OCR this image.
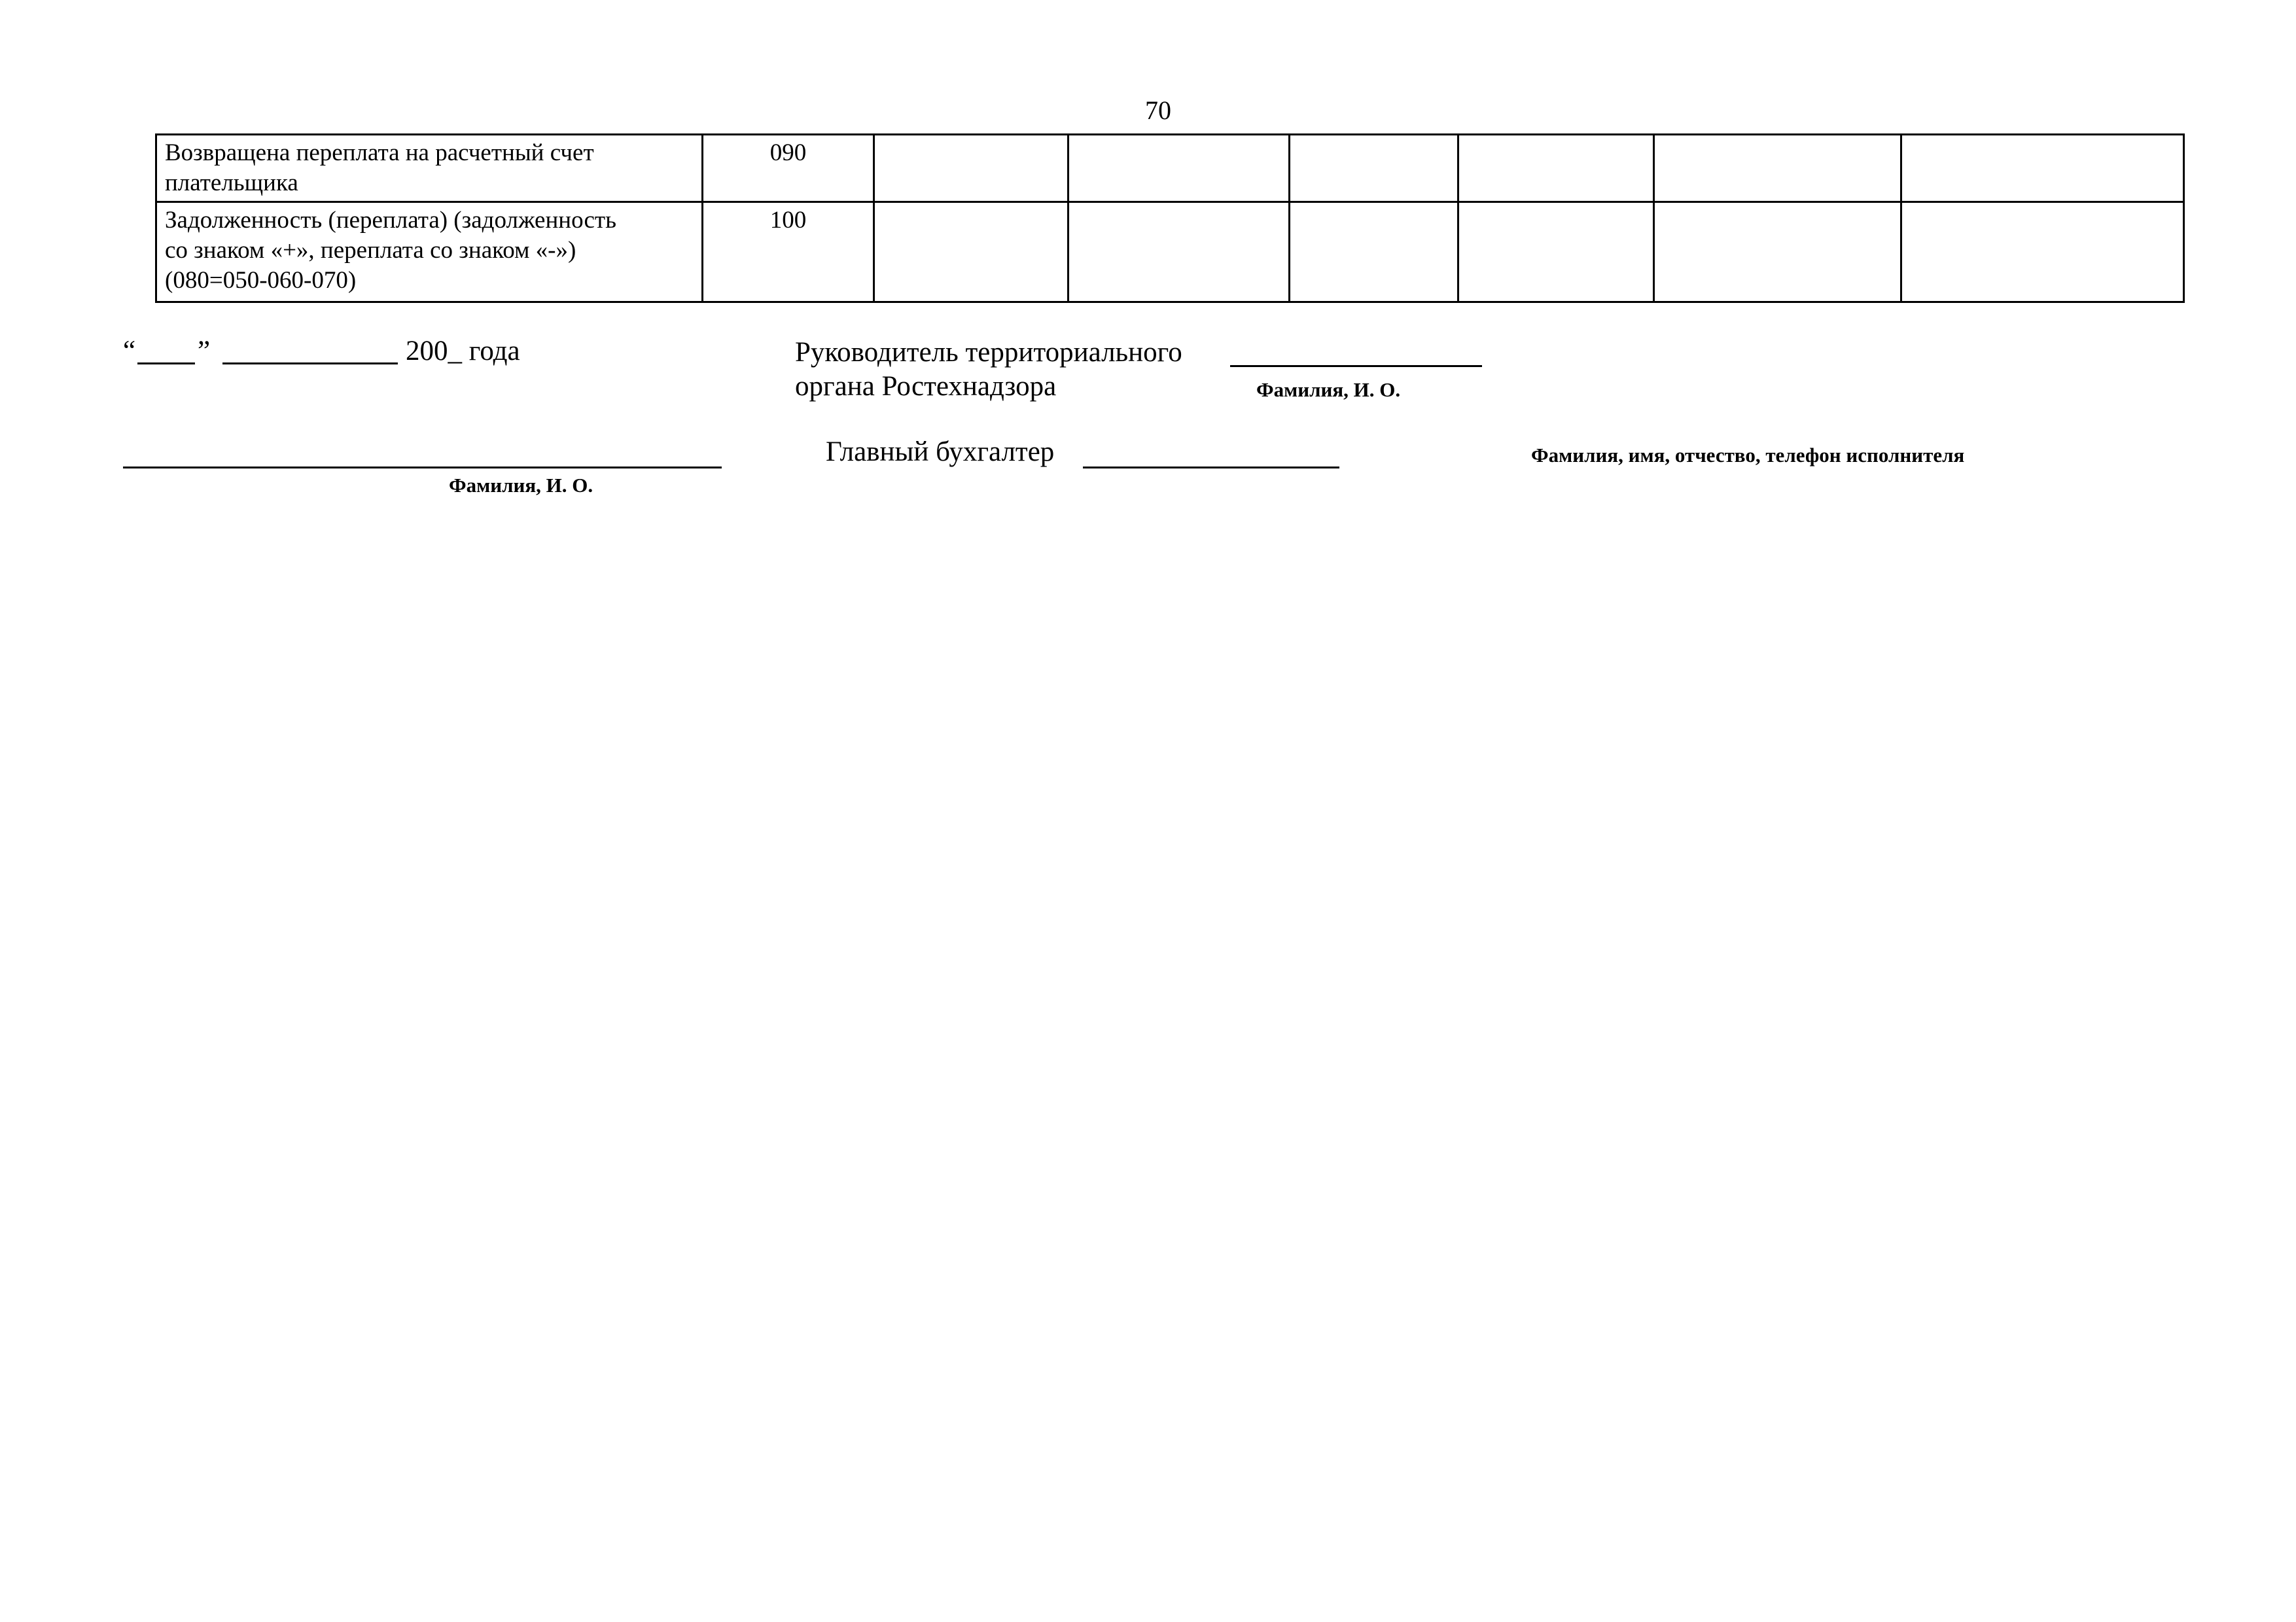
70
Возвращена переплата на расчетный счет
плательщика	090						

Задолженность (переплата) (задолженность
со знаком «+», переплата со знаком «-»)
(080=050-060-070)	100						
“ ”	200_ года	Руководитель территориального
органа Ростехнадзора	Фамилия, И. О.
Фамилия, И. О.
Главный бухгалтер	Фамилия, имя, отчество, телефон исполнителя
